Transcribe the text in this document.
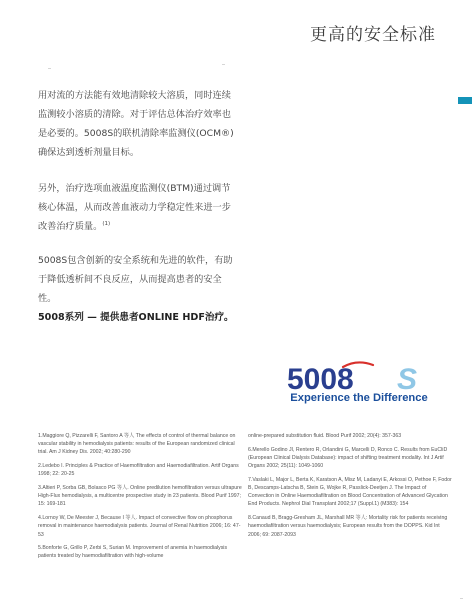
更高的安全标准

用对流的方法能有效地清除较大溶质，同时连续监测较小溶质的清除。对于评估总体治疗效率也是必要的。5008S的联机清除率监测仪(OCM®)确保达到透析剂量目标。

另外，治疗选项血液温度监测仪(BTM)通过调节核心体温，从而改善血液动力学稳定性来进一步改善治疗质量。$^{(1)}$

5008S包含创新的安全系统和先进的软件，有助于降低透析间不良反应，从而提高患者的安全性。

5008系列 — 提供患者ONLINE HDF治疗。
5008 S
Experience the Difference

1.Maggiore Q, Pizzarelli F, Santoro A 等人 The effects of control of thermal balance on vascular stability in hemodialysis patients: results of the European randomized clinical trial. Am J Kidney Dis. 2002; 40:280-290

2.Ledebo I. Principles & Practice of Haemofiltration and Haemodiafiltration. Artif Organs 1998; 22: 20-25

3.Altieri P, Sorba GB, Bolasco PG 等人. Online predilution hemofiltration versus ultrapure High-Flux hemodialysis, a multicentre prospective study in 23 patients. Blood Purif 1997; 15: 169-181

4.Lornoy W, De Meester J, Because I 等人. Impact of convective flow on phosphorus removal in maintenance haemodialysis patients. Journal of Renal Nutrition 2006; 16: 47-53

5.Bonforte G, Grillo P, Zerbi S, Surian M. Improvement of anemia in haemodialysis patients treated by haemodiafiltration with high-volume

online-prepared substitution fluid. Blood Purif 2002; 20(4): 357-363

6.Merello Godino JI, Rentero R, Orlandini G, Marcelli D, Ronco C. Results from EuCliD (European Clinical Dialysis Database): impact of shifting treatment modality. Int J Artif Organs 2002; 25(11): 1049-1060

7.Vaslaki L, Major L, Berta K, Karatson A, Misz M, Ladanyi E, Arkossi O, Pethoe F, Fodor B, Descamps-Latscha B, Stein G, Wojke R, Passlick-Deetjen J. The Impact of Convection in Online Haemodiafiltration on Blood Concentration of Advanced Glycation End Products. Nephrol Dial Transplant 2002;17 (Suppl.1) (M383): 154

8.Canaud B, Bragg-Gresham JL, Marshall MR 等人: Mortality risk for patients receiving haemodiafiltration versus haemodialysis; European results from the DOPPS. Kid Int 2006; 69: 2087-2093
